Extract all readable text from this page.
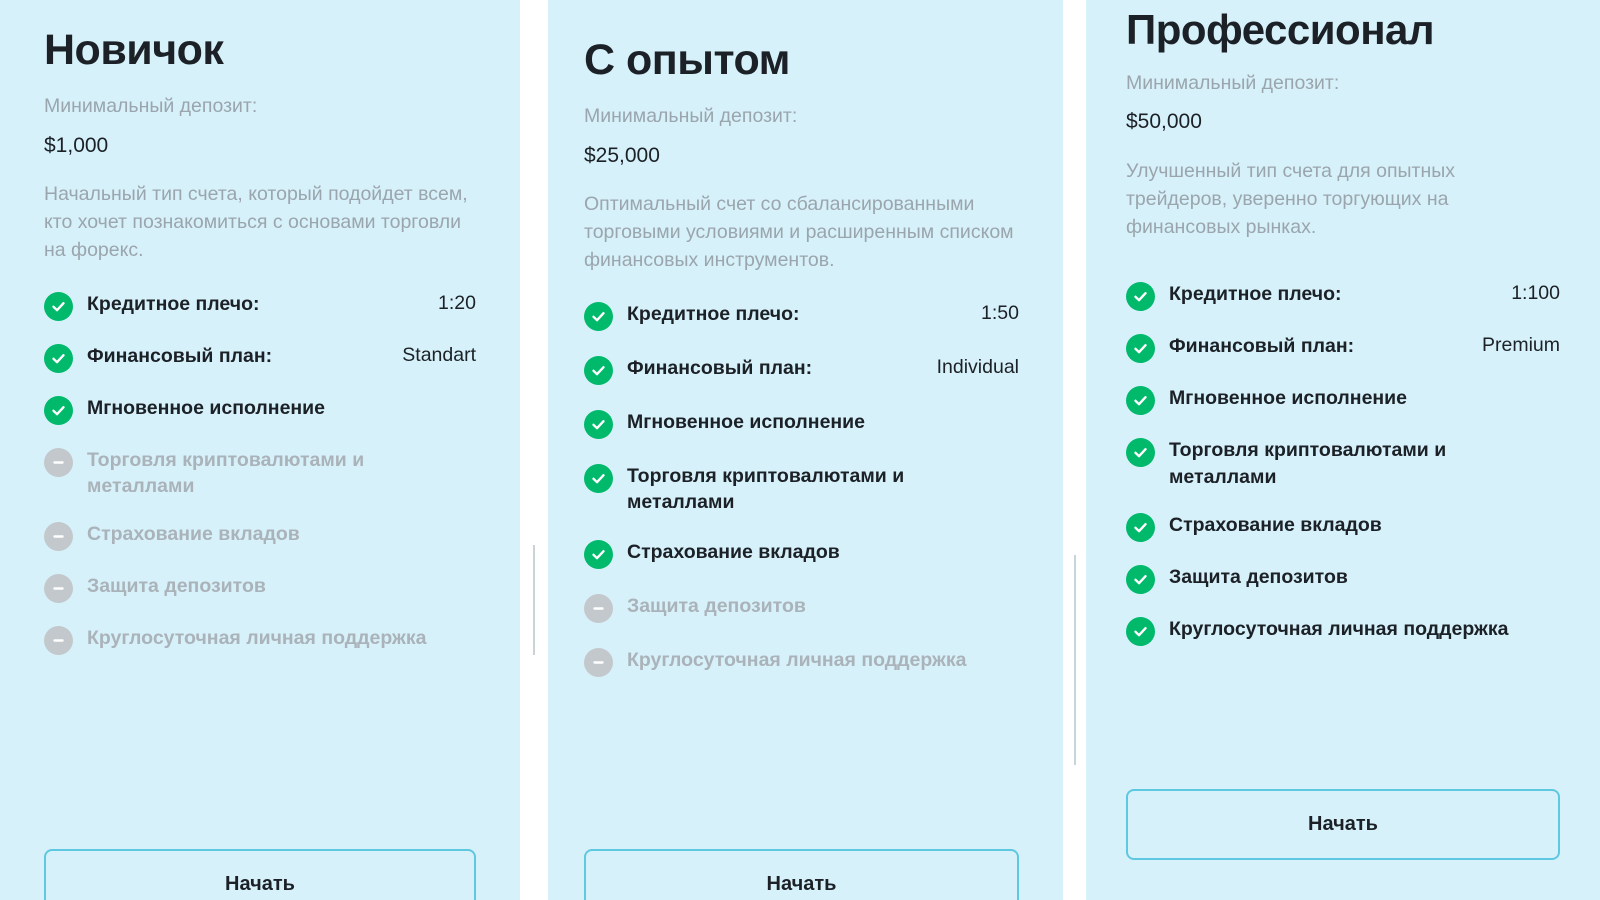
Новичок

Минимальный депозит:

$1,000

Начальный тип счета, который подойдет всем, кто хочет познакомиться с основами торговли на форекс.

Кредитное плечо:	1:20
Финансовый план:	Standart
Мгновенное исполнение
Торговля криптовалютами и металлами
Страхование вкладов
Защита депозитов
Круглосуточная личная поддержка
Начать
С опытом

Минимальный депозит:

$25,000

Оптимальный счет со сбалансированными торговыми условиями и расширенным списком финансовых инструментов.

Кредитное плечо:	1:50
Финансовый план:	Individual
Мгновенное исполнение
Торговля криптовалютами и металлами
Страхование вкладов
Защита депозитов
Круглосуточная личная поддержка
Начать
Профессионал

Минимальный депозит:

$50,000

Улучшенный тип счета для опытных трейдеров, уверенно торгующих на финансовых рынках.

Кредитное плечо:	1:100
Финансовый план:	Premium
Мгновенное исполнение
Торговля криптовалютами и металлами
Страхование вкладов
Защита депозитов
Круглосуточная личная поддержка
Начать
